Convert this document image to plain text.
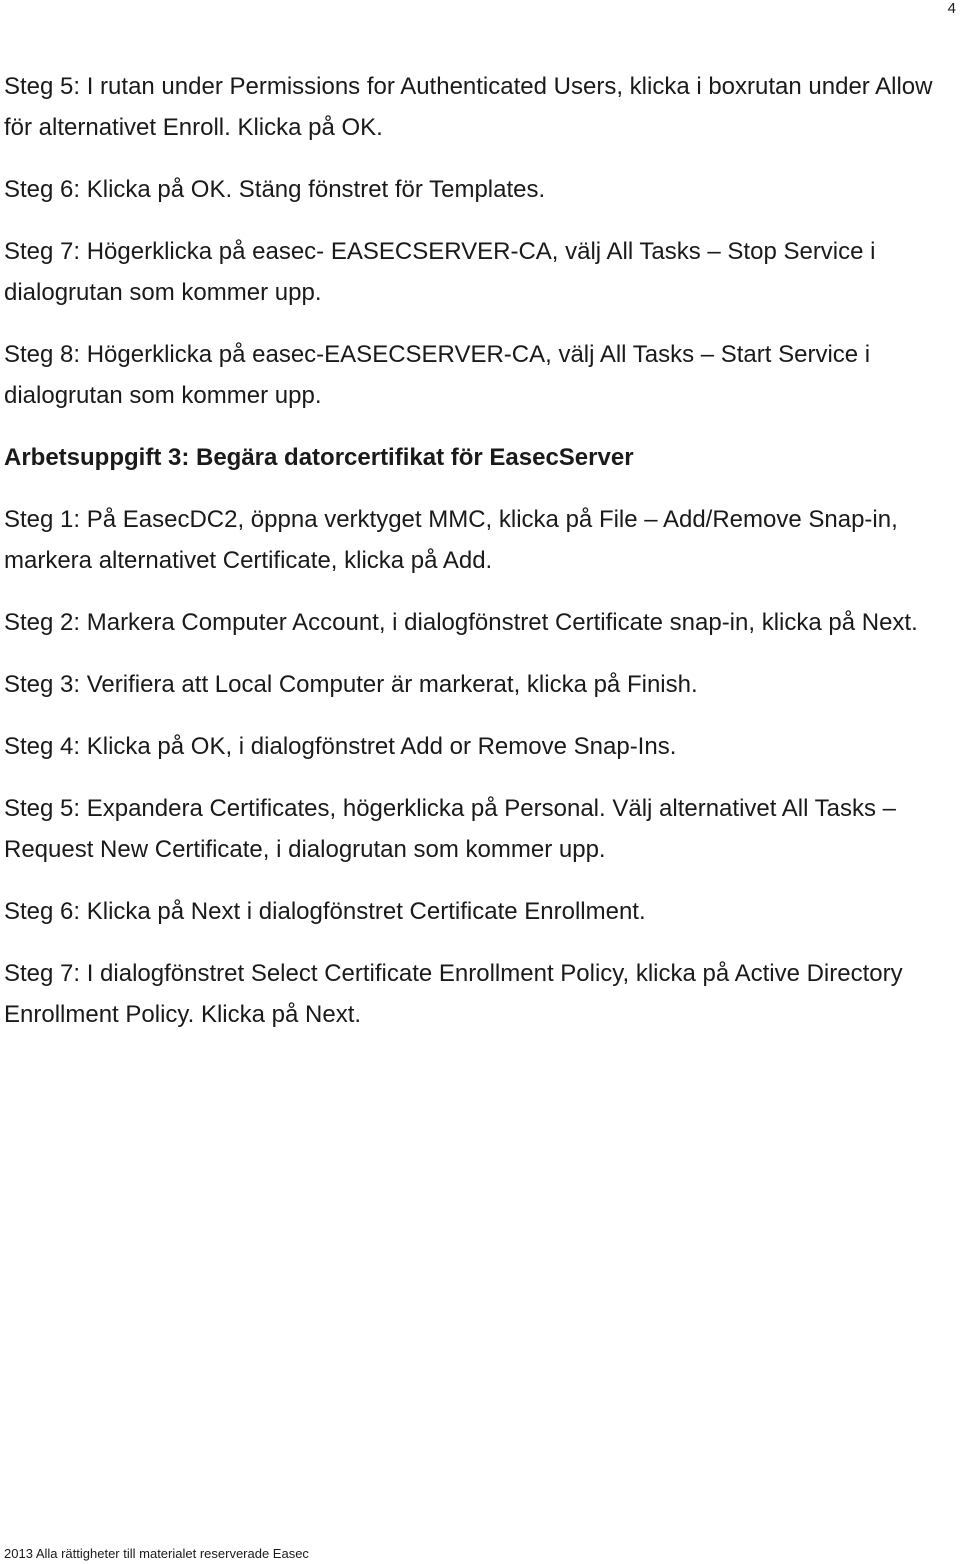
4

Steg 5: I rutan under Permissions for Authenticated Users, klicka i boxrutan under Allow för alternativet Enroll. Klicka på OK.

Steg 6: Klicka på OK. Stäng fönstret för Templates.

Steg 7: Högerklicka på easec- EASECSERVER-CA, välj All Tasks – Stop Service i dialogrutan som kommer upp.

Steg 8: Högerklicka på easec-EASECSERVER-CA, välj All Tasks – Start Service i dialogrutan som kommer upp.

Arbetsuppgift 3: Begära datorcertifikat för EasecServer

Steg 1: På EasecDC2, öppna verktyget MMC, klicka på File – Add/Remove Snap-in, markera alternativet Certificate, klicka på Add.

Steg 2: Markera Computer Account, i dialogfönstret Certificate snap-in, klicka på Next.

Steg 3: Verifiera att Local Computer är markerat, klicka på Finish.

Steg 4: Klicka på OK, i dialogfönstret Add or Remove Snap-Ins.

Steg 5: Expandera Certificates, högerklicka på Personal. Välj alternativet All Tasks – Request New Certificate, i dialogrutan som kommer upp.

Steg 6: Klicka på Next i dialogfönstret Certificate Enrollment.

Steg 7: I dialogfönstret Select Certificate Enrollment Policy, klicka på Active Directory Enrollment Policy. Klicka på Next.

2013 Alla rättigheter till materialet reserverade Easec
